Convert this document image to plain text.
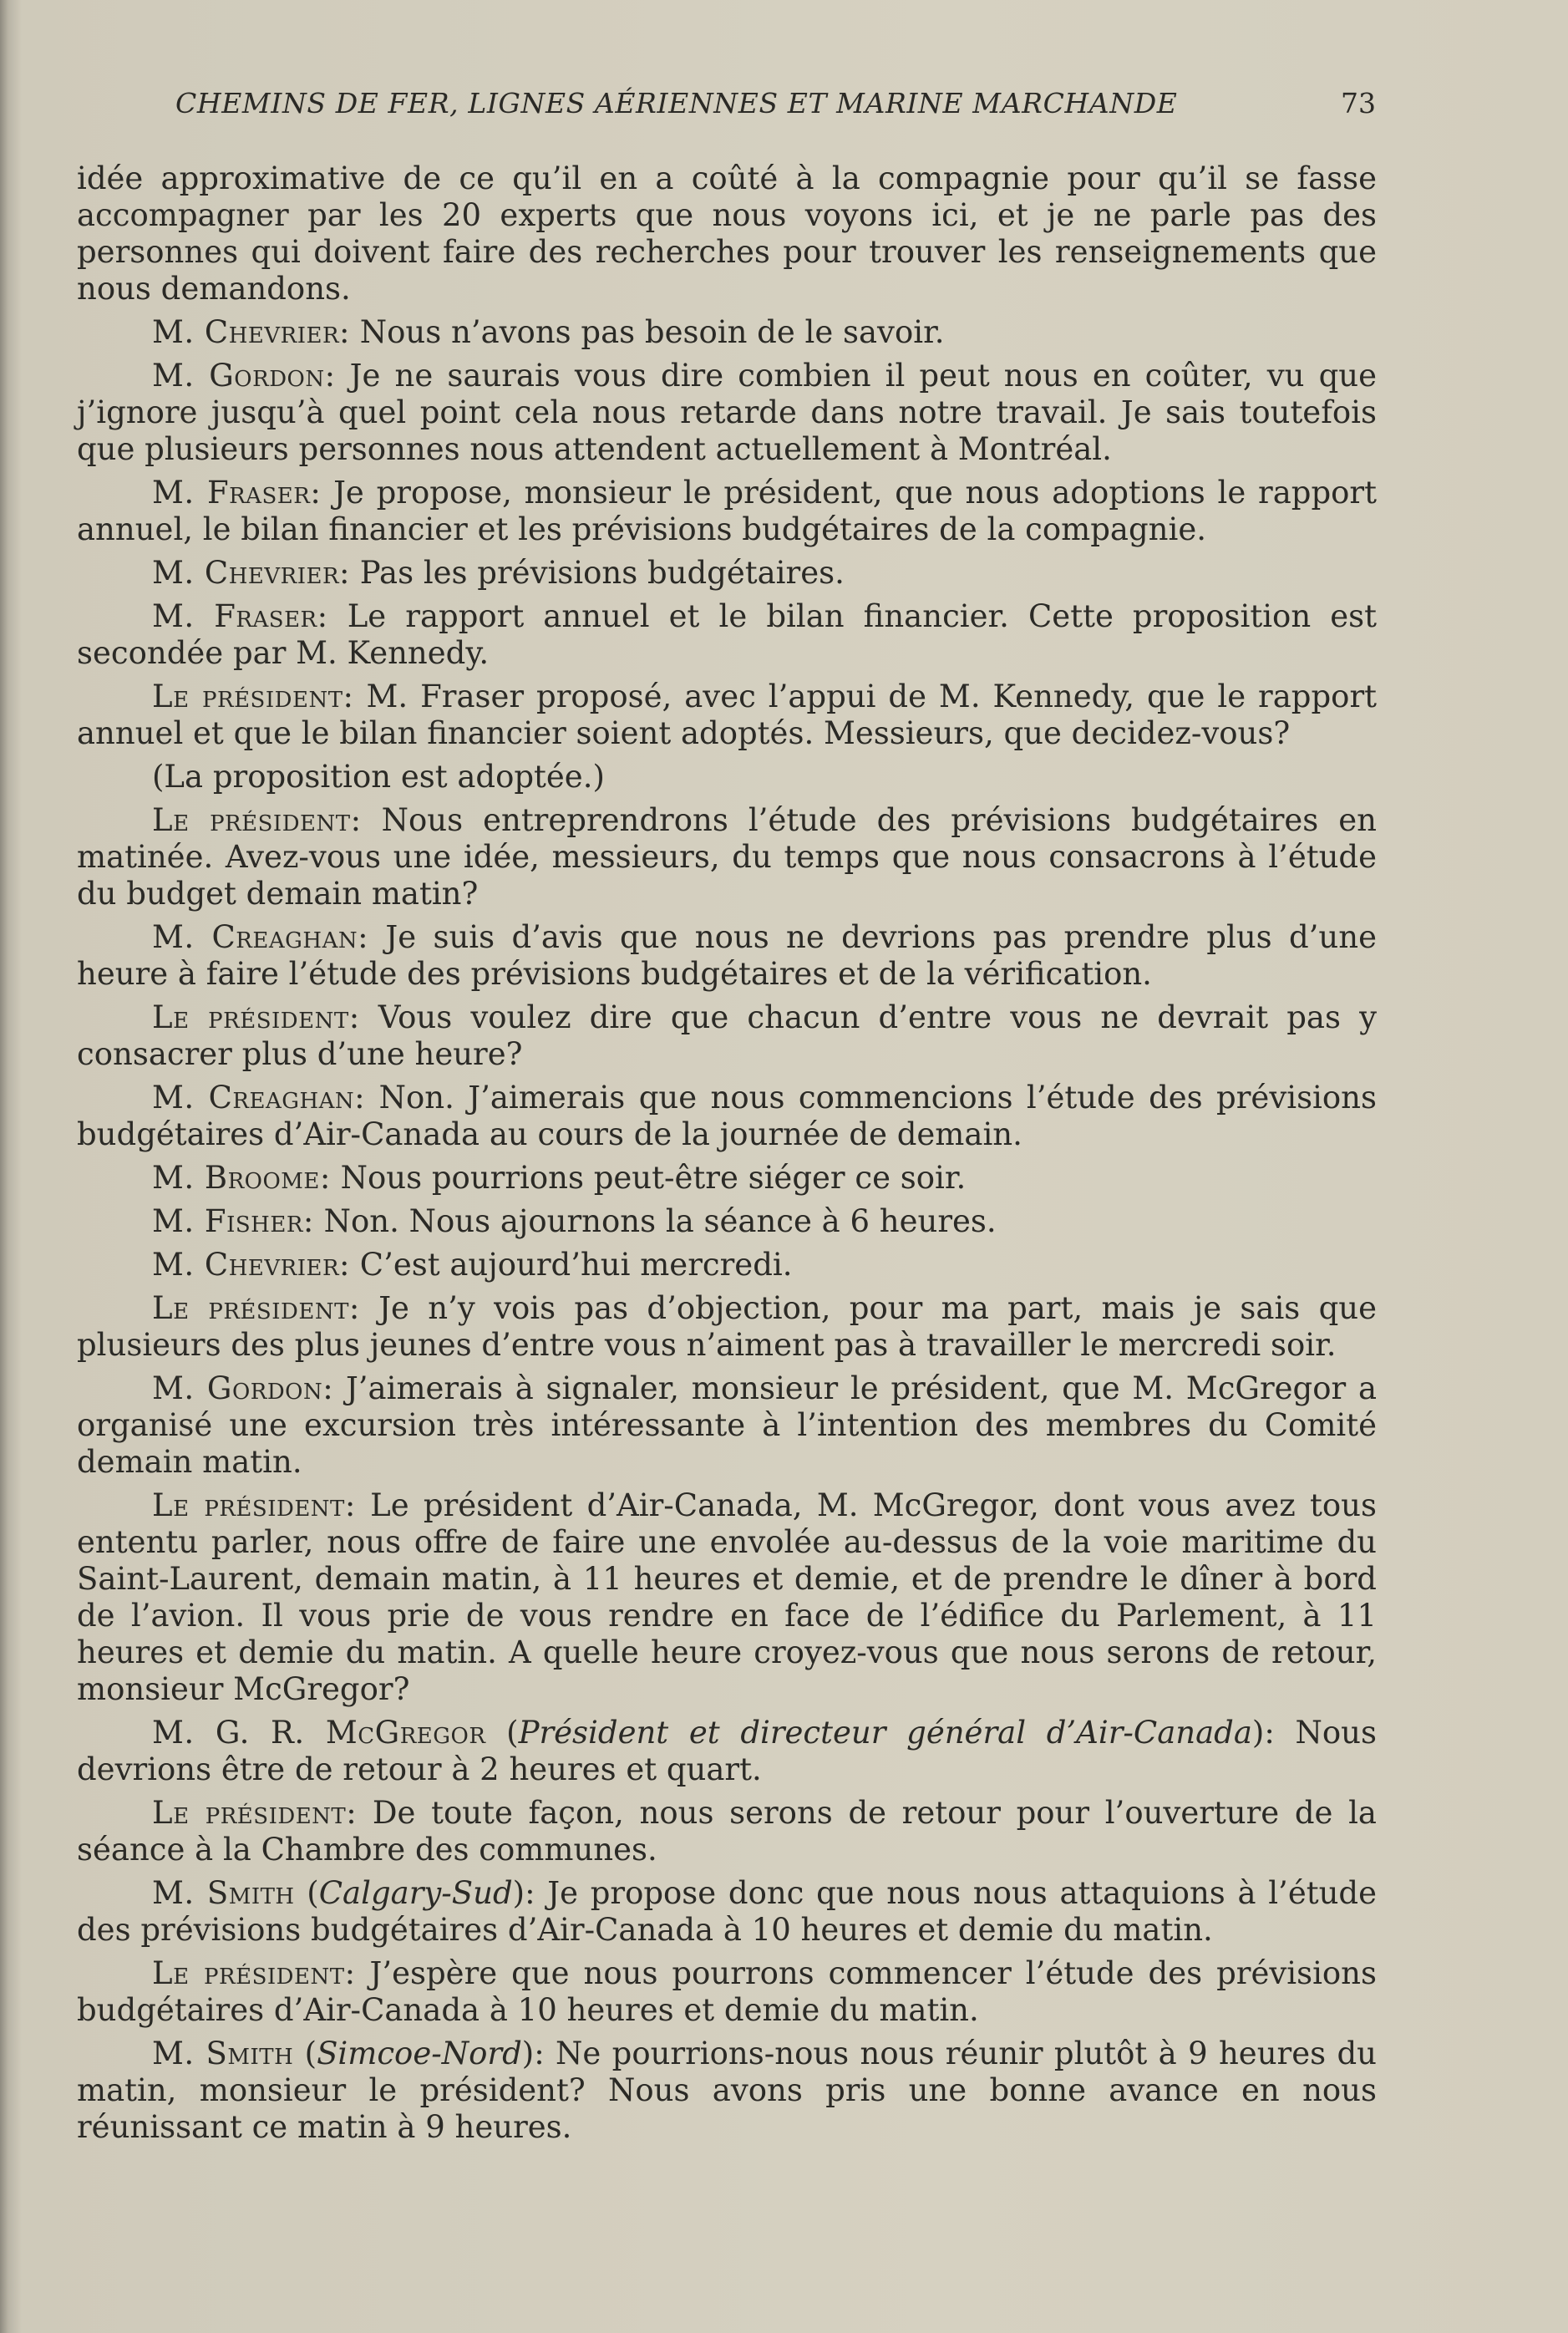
CHEMINS DE FER, LIGNES AÉRIENNES ET MARINE MARCHANDE	73

idée approximative de ce qu’il en a coûté à la compagnie pour qu’il se fasse accompagner par les 20 experts que nous voyons ici, et je ne parle pas des personnes qui doivent faire des recherches pour trouver les renseignements que nous demandons.

M. Chevrier: Nous n’avons pas besoin de le savoir.

M. Gordon: Je ne saurais vous dire combien il peut nous en coûter, vu que j’ignore jusqu’à quel point cela nous retarde dans notre travail. Je sais toutefois que plusieurs personnes nous attendent actuellement à Montréal.

M. Fraser: Je propose, monsieur le président, que nous adoptions le rapport annuel, le bilan financier et les prévisions budgétaires de la compagnie.

M. Chevrier: Pas les prévisions budgétaires.

M. Fraser: Le rapport annuel et le bilan financier. Cette proposition est secondée par M. Kennedy.

Le président: M. Fraser proposé, avec l’appui de M. Kennedy, que le rapport annuel et que le bilan financier soient adoptés. Messieurs, que decidez-vous?

(La proposition est adoptée.)

Le président: Nous entreprendrons l’étude des prévisions budgétaires en matinée. Avez-vous une idée, messieurs, du temps que nous consacrons à l’étude du budget demain matin?

M. Creaghan: Je suis d’avis que nous ne devrions pas prendre plus d’une heure à faire l’étude des prévisions budgétaires et de la vérification.

Le président: Vous voulez dire que chacun d’entre vous ne devrait pas y consacrer plus d’une heure?

M. Creaghan: Non. J’aimerais que nous commencions l’étude des prévisions budgétaires d’Air-Canada au cours de la journée de demain.

M. Broome: Nous pourrions peut-être siéger ce soir.

M. Fisher: Non. Nous ajournons la séance à 6 heures.

M. Chevrier: C’est aujourd’hui mercredi.

Le président: Je n’y vois pas d’objection, pour ma part, mais je sais que plusieurs des plus jeunes d’entre vous n’aiment pas à travailler le mercredi soir.

M. Gordon: J’aimerais à signaler, monsieur le président, que M. McGregor a organisé une excursion très intéressante à l’intention des membres du Comité demain matin.

Le président: Le président d’Air-Canada, M. McGregor, dont vous avez tous ententu parler, nous offre de faire une envolée au-dessus de la voie maritime du Saint-Laurent, demain matin, à 11 heures et demie, et de prendre le dîner à bord de l’avion. Il vous prie de vous rendre en face de l’édifice du Parlement, à 11 heures et demie du matin. A quelle heure croyez-vous que nous serons de retour, monsieur McGregor?

M. G. R. McGregor (Président et directeur général d’Air-Canada): Nous devrions être de retour à 2 heures et quart.

Le président: De toute façon, nous serons de retour pour l’ouverture de la séance à la Chambre des communes.

M. Smith (Calgary-Sud): Je propose donc que nous nous attaquions à l’étude des prévisions budgétaires d’Air-Canada à 10 heures et demie du matin.

Le président: J’espère que nous pourrons commencer l’étude des prévisions budgétaires d’Air-Canada à 10 heures et demie du matin.

M. Smith (Simcoe-Nord): Ne pourrions-nous nous réunir plutôt à 9 heures du matin, monsieur le président? Nous avons pris une bonne avance en nous réunissant ce matin à 9 heures.
